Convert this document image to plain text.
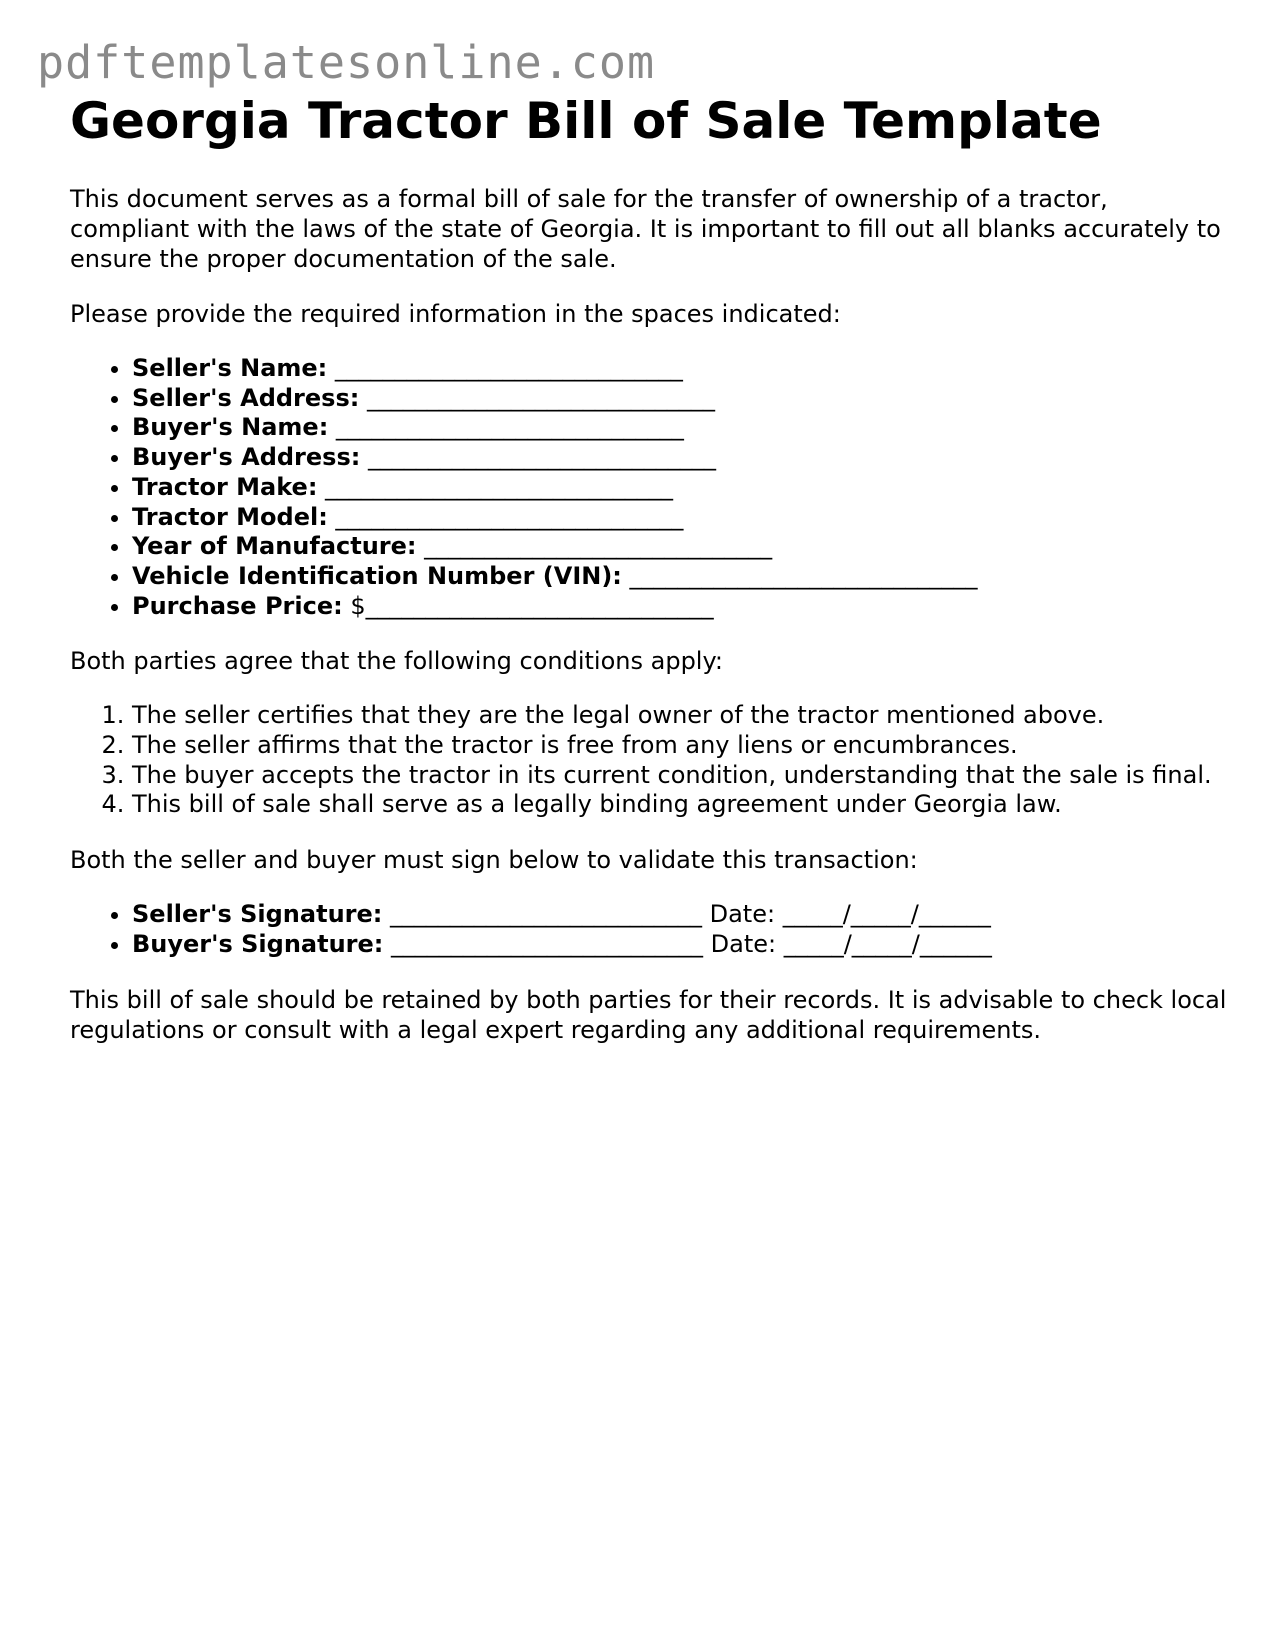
pdftemplatesonline.com
Georgia Tractor Bill of Sale Template

This document serves as a formal bill of sale for the transfer of ownership of a tractor, compliant with the laws of the state of Georgia. It is important to fill out all blanks accurately to ensure the proper documentation of the sale.

Please provide the required information in the spaces indicated:

• Seller's Name: _____________________________
• Seller's Address: _____________________________
• Buyer's Name: _____________________________
• Buyer's Address: _____________________________
• Tractor Make: _____________________________
• Tractor Model: _____________________________
• Year of Manufacture: _____________________________
• Vehicle Identification Number (VIN): _____________________________
• Purchase Price: $_____________________________

Both parties agree that the following conditions apply:

1. The seller certifies that they are the legal owner of the tractor mentioned above.
2. The seller affirms that the tractor is free from any liens or encumbrances.
3. The buyer accepts the tractor in its current condition, understanding that the sale is final.
4. This bill of sale shall serve as a legally binding agreement under Georgia law.

Both the seller and buyer must sign below to validate this transaction:

• Seller's Signature: __________________________ Date: _____/_____/______
• Buyer's Signature: __________________________ Date: _____/_____/______

This bill of sale should be retained by both parties for their records. It is advisable to check local regulations or consult with a legal expert regarding any additional requirements.
